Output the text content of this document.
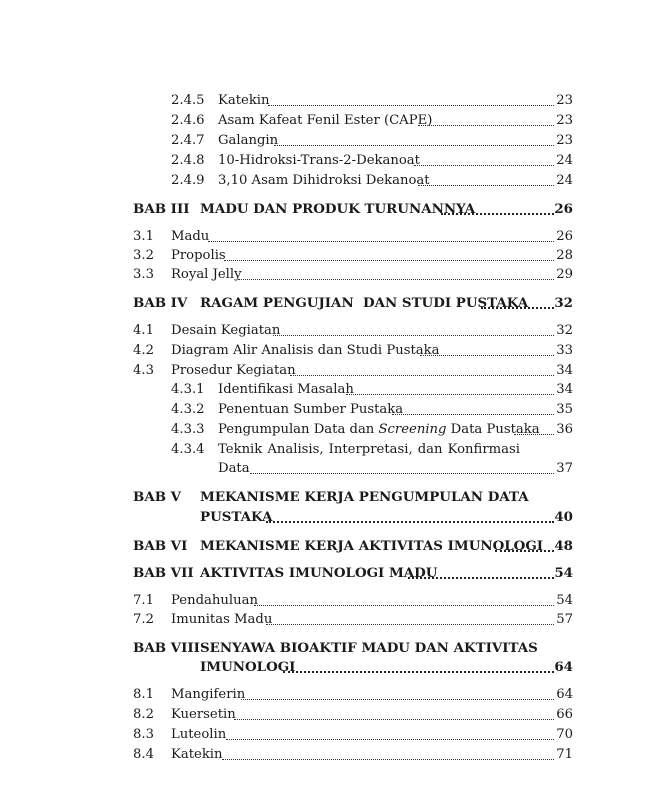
2.4.5 Katekin	23
2.4.6 Asam Kafeat Fenil Ester (CAPE)	23
2.4.7 Galangin	23
2.4.8 10-Hidroksi-Trans-2-Dekanoat	24
2.4.9 3,10 Asam Dihidroksi Dekanoat	24
BAB III MADU DAN PRODUK TURUNANNYA	26
3.1 Madu	26
3.2 Propolis	28
3.3 Royal Jelly	29
BAB IV RAGAM PENGUJIAN  DAN STUDI PUSTAKA 32
4.1 Desain Kegiatan	32
4.2 Diagram Alir Analisis dan Studi Pustaka	33
4.3 Prosedur Kegiatan	34
4.3.1 Identifikasi Masalah	34
4.3.2 Penentuan Sumber Pustaka	35
4.3.3 Pengumpulan Data dan Screening Data Pustaka 36
4.3.4 Teknik Analisis, Interpretasi, dan Konfirmasi
Data	37
BAB V MEKANISME KERJA PENGUMPULAN DATA
PUSTAKA	40
BAB VI MEKANISME KERJA AKTIVITAS IMUNOLOGI 48
BAB VII AKTIVITAS IMUNOLOGI MADU	54
7.1 Pendahuluan	54
7.2 Imunitas Madu	57
BAB VIII SENYAWA BIOAKTIF MADU DAN AKTIVITAS
IMUNOLOGI	64
8.1 Mangiferin	64
8.2 Kuersetin	66
8.3 Luteolin	70
8.4 Katekin	71
